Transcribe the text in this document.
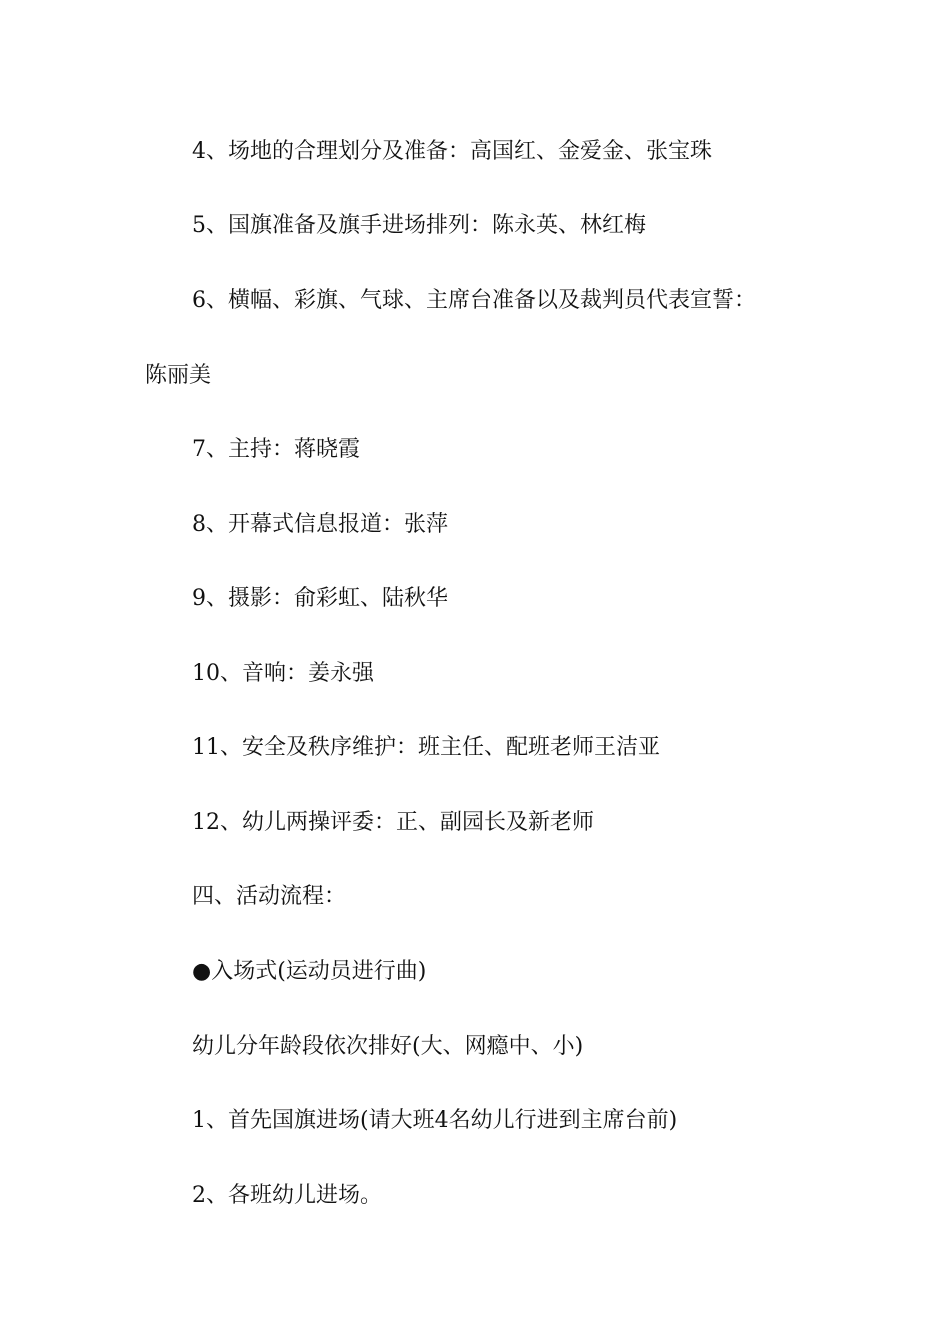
4、场地的合理划分及准备：高国红、金爱金、张宝珠
5、国旗准备及旗手进场排列：陈永英、林红梅
6、横幅、彩旗、气球、主席台准备以及裁判员代表宣誓：
陈丽美
7、主持：蒋晓霞
8、开幕式信息报道：张萍
9、摄影：俞彩虹、陆秋华
10、音响：姜永强
11、安全及秩序维护：班主任、配班老师王洁亚
12、幼儿两操评委：正、副园长及新老师
四、活动流程：
●入场式(运动员进行曲)
幼儿分年龄段依次排好(大、网瘾中、小)
1、首先国旗进场(请大班4名幼儿行进到主席台前)
2、各班幼儿进场。
